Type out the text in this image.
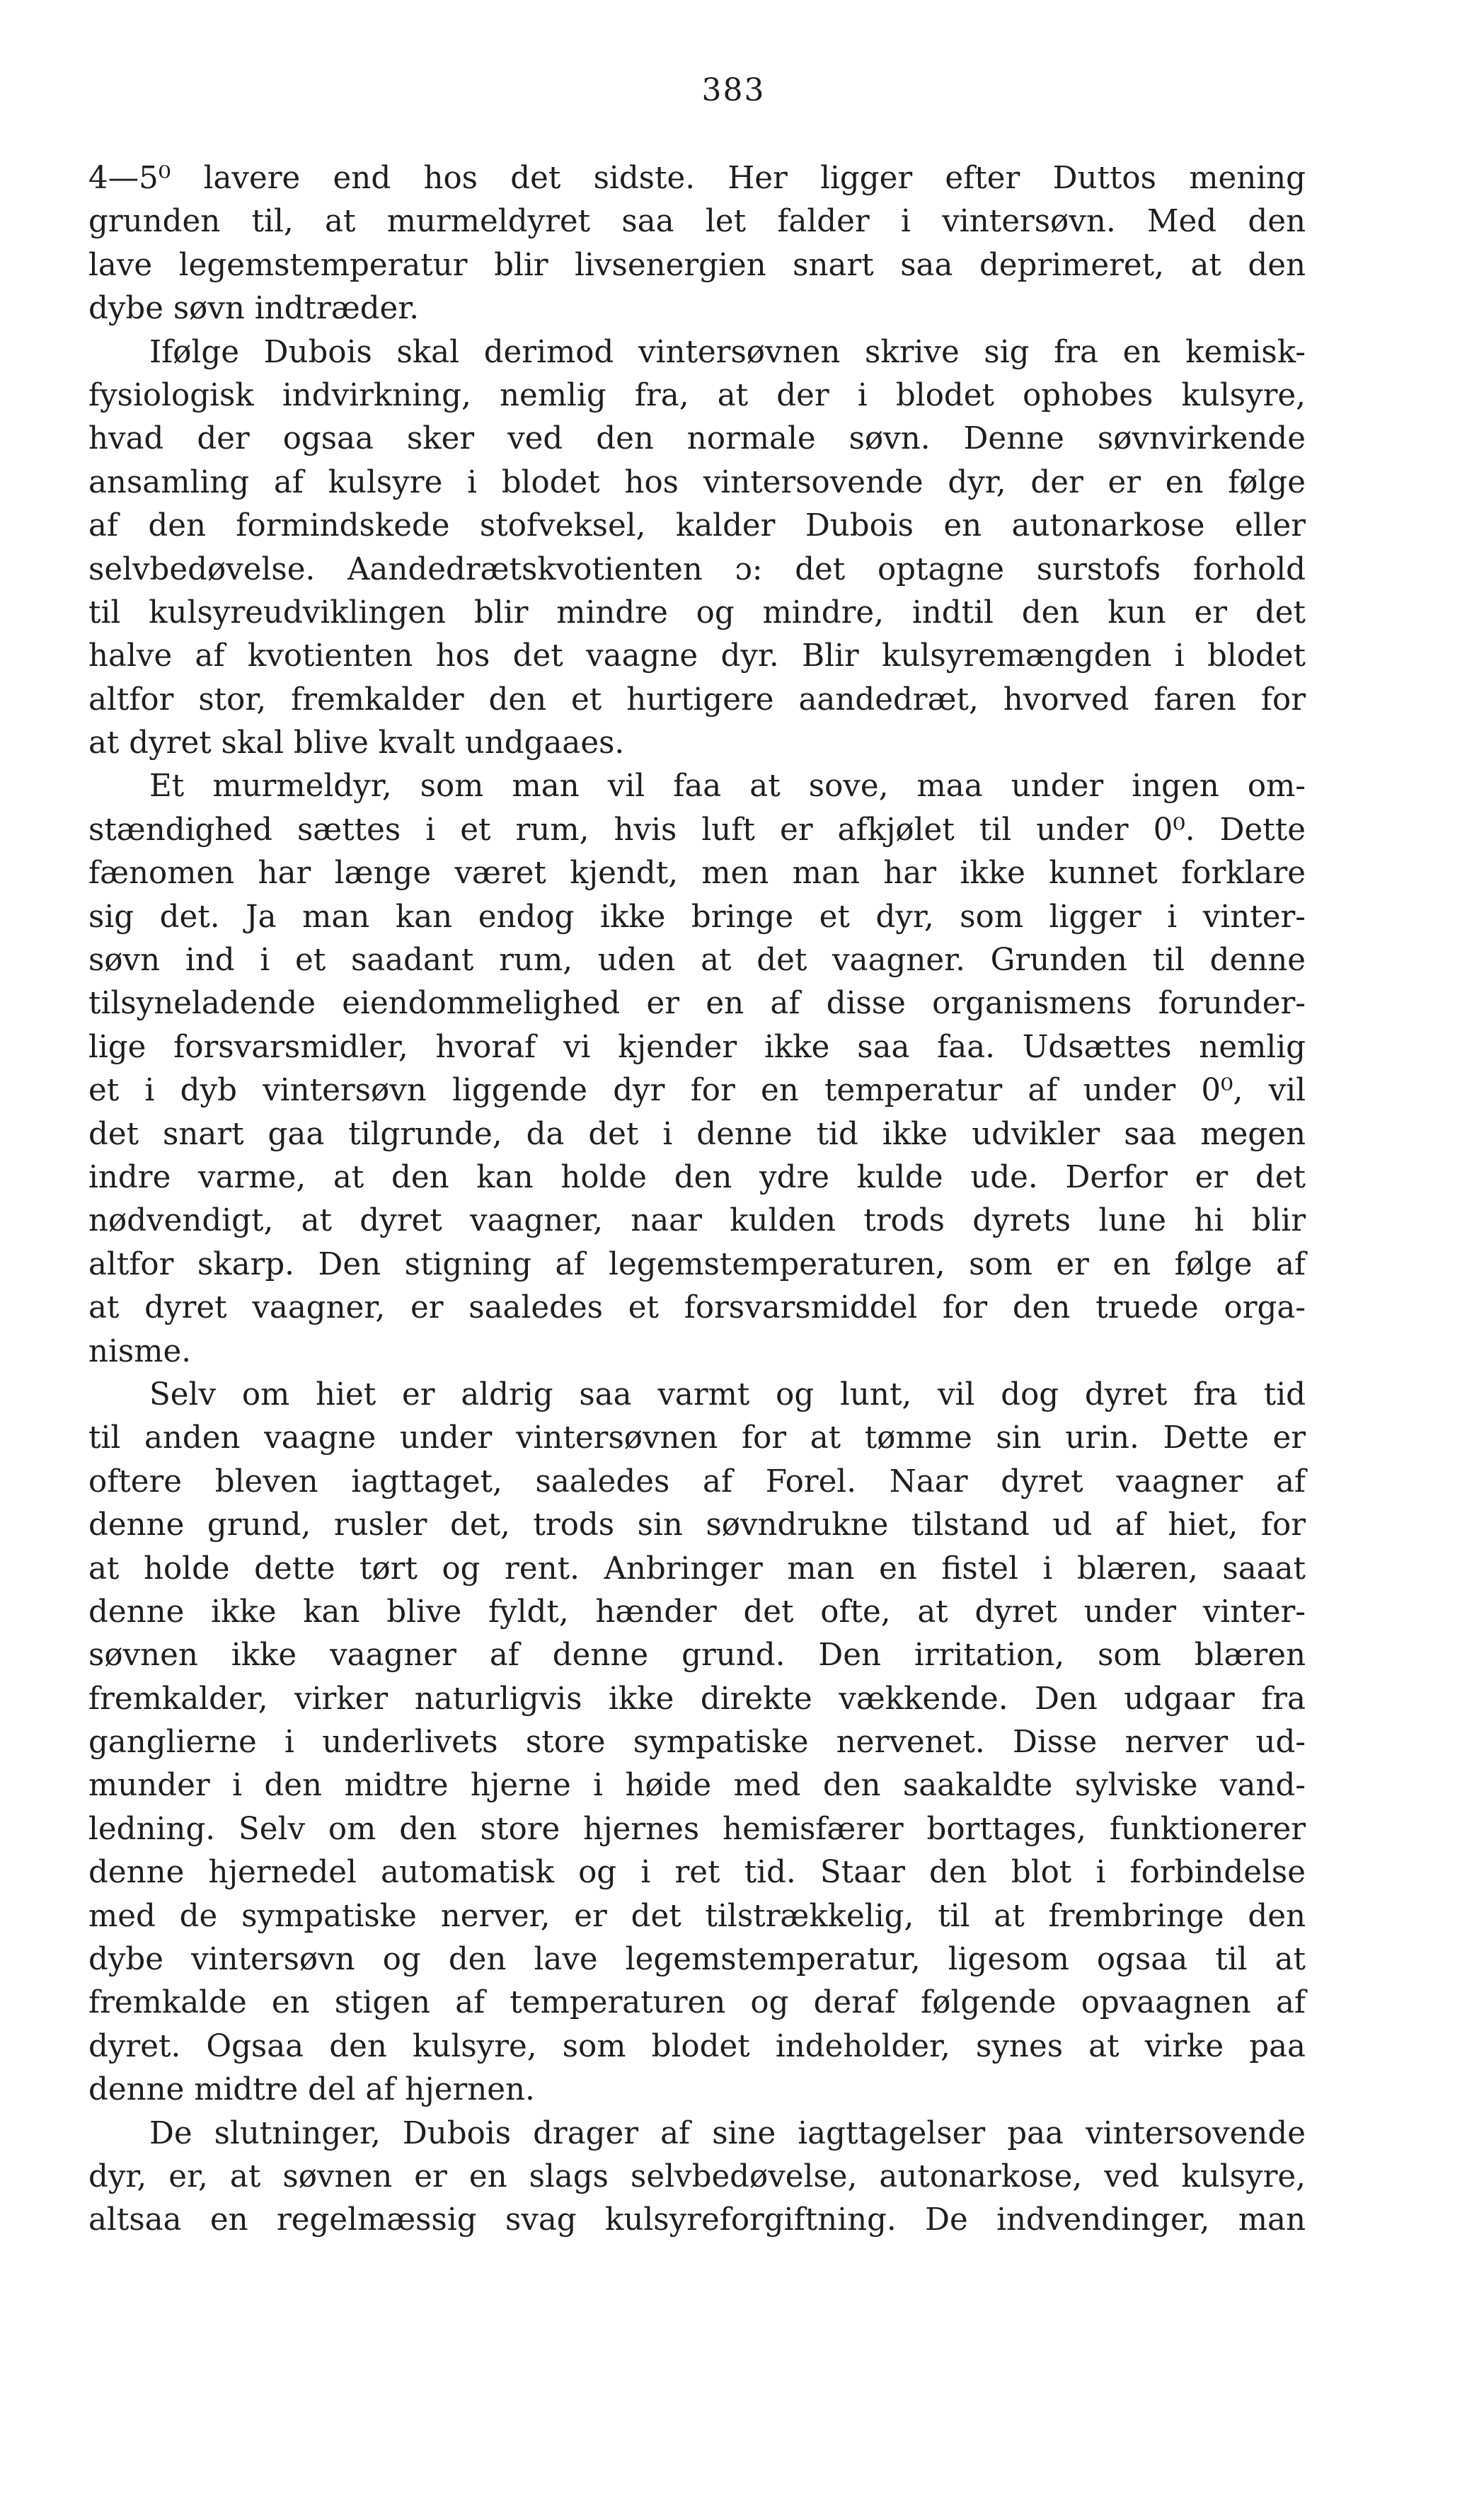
383
4—5⁰ lavere end hos det sidste. Her ligger efter Duttos mening
grunden til, at murmeldyret saa let falder i vintersøvn. Med den
lave legemstemperatur blir livsenergien snart saa deprimeret, at den
dybe søvn indtræder.
Ifølge Dubois skal derimod vintersøvnen skrive sig fra en kemisk-
fysiologisk indvirkning, nemlig fra, at der i blodet ophobes kulsyre,
hvad der ogsaa sker ved den normale søvn. Denne søvnvirkende
ansamling af kulsyre i blodet hos vintersovende dyr, der er en følge
af den formindskede stofveksel, kalder Dubois en autonarkose eller
selvbedøvelse. Aandedrætskvotienten ɔ: det optagne surstofs forhold
til kulsyreudviklingen blir mindre og mindre, indtil den kun er det
halve af kvotienten hos det vaagne dyr. Blir kulsyremængden i blodet
altfor stor, fremkalder den et hurtigere aandedræt, hvorved faren for
at dyret skal blive kvalt undgaaes.
Et murmeldyr, som man vil faa at sove, maa under ingen om-
stændighed sættes i et rum, hvis luft er afkjølet til under 0⁰. Dette
fænomen har længe været kjendt, men man har ikke kunnet forklare
sig det. Ja man kan endog ikke bringe et dyr, som ligger i vinter-
søvn ind i et saadant rum, uden at det vaagner. Grunden til denne
tilsyneladende eiendommelighed er en af disse organismens forunder-
lige forsvarsmidler, hvoraf vi kjender ikke saa faa. Udsættes nemlig
et i dyb vintersøvn liggende dyr for en temperatur af under 0⁰, vil
det snart gaa tilgrunde, da det i denne tid ikke udvikler saa megen
indre varme, at den kan holde den ydre kulde ude. Derfor er det
nødvendigt, at dyret vaagner, naar kulden trods dyrets lune hi blir
altfor skarp. Den stigning af legemstemperaturen, som er en følge af
at dyret vaagner, er saaledes et forsvarsmiddel for den truede orga-
nisme.
Selv om hiet er aldrig saa varmt og lunt, vil dog dyret fra tid
til anden vaagne under vintersøvnen for at tømme sin urin. Dette er
oftere bleven iagttaget, saaledes af Forel. Naar dyret vaagner af
denne grund, rusler det, trods sin søvndrukne tilstand ud af hiet, for
at holde dette tørt og rent. Anbringer man en fistel i blæren, saaat
denne ikke kan blive fyldt, hænder det ofte, at dyret under vinter-
søvnen ikke vaagner af denne grund. Den irritation, som blæren
fremkalder, virker naturligvis ikke direkte vækkende. Den udgaar fra
ganglierne i underlivets store sympatiske nervenet. Disse nerver ud-
munder i den midtre hjerne i høide med den saakaldte sylviske vand-
ledning. Selv om den store hjernes hemisfærer borttages, funktionerer
denne hjernedel automatisk og i ret tid. Staar den blot i forbindelse
med de sympatiske nerver, er det tilstrækkelig, til at frembringe den
dybe vintersøvn og den lave legemstemperatur, ligesom ogsaa til at
fremkalde en stigen af temperaturen og deraf følgende opvaagnen af
dyret. Ogsaa den kulsyre, som blodet indeholder, synes at virke paa
denne midtre del af hjernen.
De slutninger, Dubois drager af sine iagttagelser paa vintersovende
dyr, er, at søvnen er en slags selvbedøvelse, autonarkose, ved kulsyre,
altsaa en regelmæssig svag kulsyreforgiftning. De indvendinger, man
